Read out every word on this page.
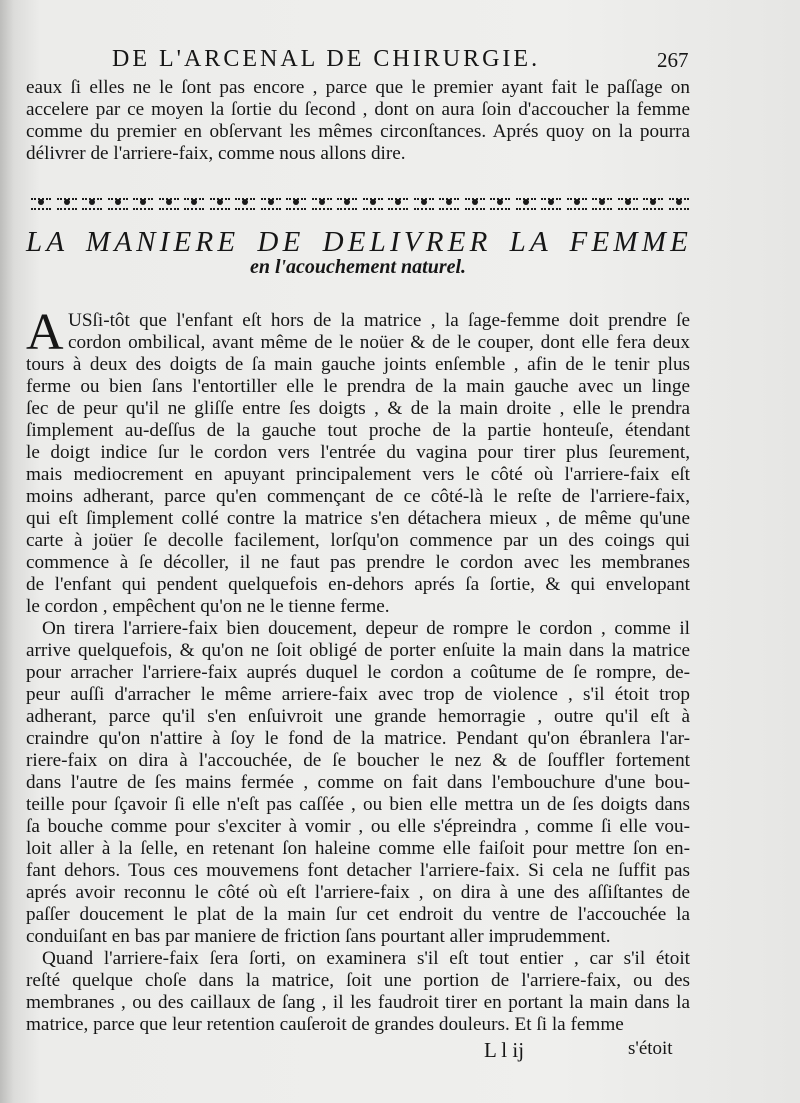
DE L'ARCENAL DE CHIRURGIE.	267
eaux ſi elles ne le ſont pas encore , parce que le premier ayant fait le paſſage on
accelere par ce moyen la ſortie du ſecond , dont on aura ſoin d'accoucher la femme
comme du premier en obſervant les mêmes circonſtances. Aprés quoy on la pourra
délivrer de l'arriere-faix, comme nous allons dire.
LA MANIERE DE DELIVRER LA FEMME
en l'acouchement naturel.
A USſi-tôt que l'enfant eſt hors de la matrice , la ſage-femme doit prendre ſe
cordon ombilical, avant même de le noüer & de le couper, dont elle fera deux
tours à deux des doigts de ſa main gauche joints enſemble , afin de le tenir plus
ferme ou bien ſans l'entortiller elle le prendra de la main gauche avec un linge
ſec de peur qu'il ne gliſſe entre ſes doigts , & de la main droite , elle le prendra
ſimplement au-deſſus de la gauche tout proche de la partie honteuſe, étendant
le doigt indice ſur le cordon vers l'entrée du vagina pour tirer plus ſeurement,
mais mediocrement en apuyant principalement vers le côté où l'arriere-faix eſt
moins adherant, parce qu'en commençant de ce côté-là le reſte de l'arriere-faix,
qui eſt ſimplement collé contre la matrice s'en détachera mieux , de même qu'une
carte à joüer ſe decolle facilement, lorſqu'on commence par un des coings qui
commence à ſe décoller, il ne faut pas prendre le cordon avec les membranes
de l'enfant qui pendent quelquefois en-dehors aprés ſa ſortie, & qui envelopant
le cordon , empêchent qu'on ne le tienne ferme.
On tirera l'arriere-faix bien doucement, depeur de rompre le cordon , comme il
arrive quelquefois, & qu'on ne ſoit obligé de porter enſuite la main dans la matrice
pour arracher l'arriere-faix auprés duquel le cordon a coûtume de ſe rompre, de-
peur auſſi d'arracher le même arriere-faix avec trop de violence , s'il étoit trop
adherant, parce qu'il s'en enſuivroit une grande hemorragie , outre qu'il eſt à
craindre qu'on n'attire à ſoy le fond de la matrice. Pendant qu'on ébranlera l'ar-
riere-faix on dira à l'accouchée, de ſe boucher le nez & de ſouffler fortement
dans l'autre de ſes mains fermée , comme on fait dans l'embouchure d'une bou-
teille pour ſçavoir ſi elle n'eſt pas caſſée , ou bien elle mettra un de ſes doigts dans
ſa bouche comme pour s'exciter à vomir , ou elle s'épreindra , comme ſi elle vou-
loit aller à la ſelle, en retenant ſon haleine comme elle faiſoit pour mettre ſon en-
fant dehors. Tous ces mouvemens font detacher l'arriere-faix. Si cela ne ſuffit pas
aprés avoir reconnu le côté où eſt l'arriere-faix , on dira à une des aſſiſtantes de
paſſer doucement le plat de la main ſur cet endroit du ventre de l'accouchée la
conduiſant en bas par maniere de friction ſans pourtant aller imprudemment.
Quand l'arriere-faix ſera ſorti, on examinera s'il eſt tout entier , car s'il étoit
reſté quelque choſe dans la matrice, ſoit une portion de l'arriere-faix, ou des
membranes , ou des caillaux de ſang , il les faudroit tirer en portant la main dans la
matrice, parce que leur retention cauſeroit de grandes douleurs. Et ſi la femme
L l ij	s'étoit
